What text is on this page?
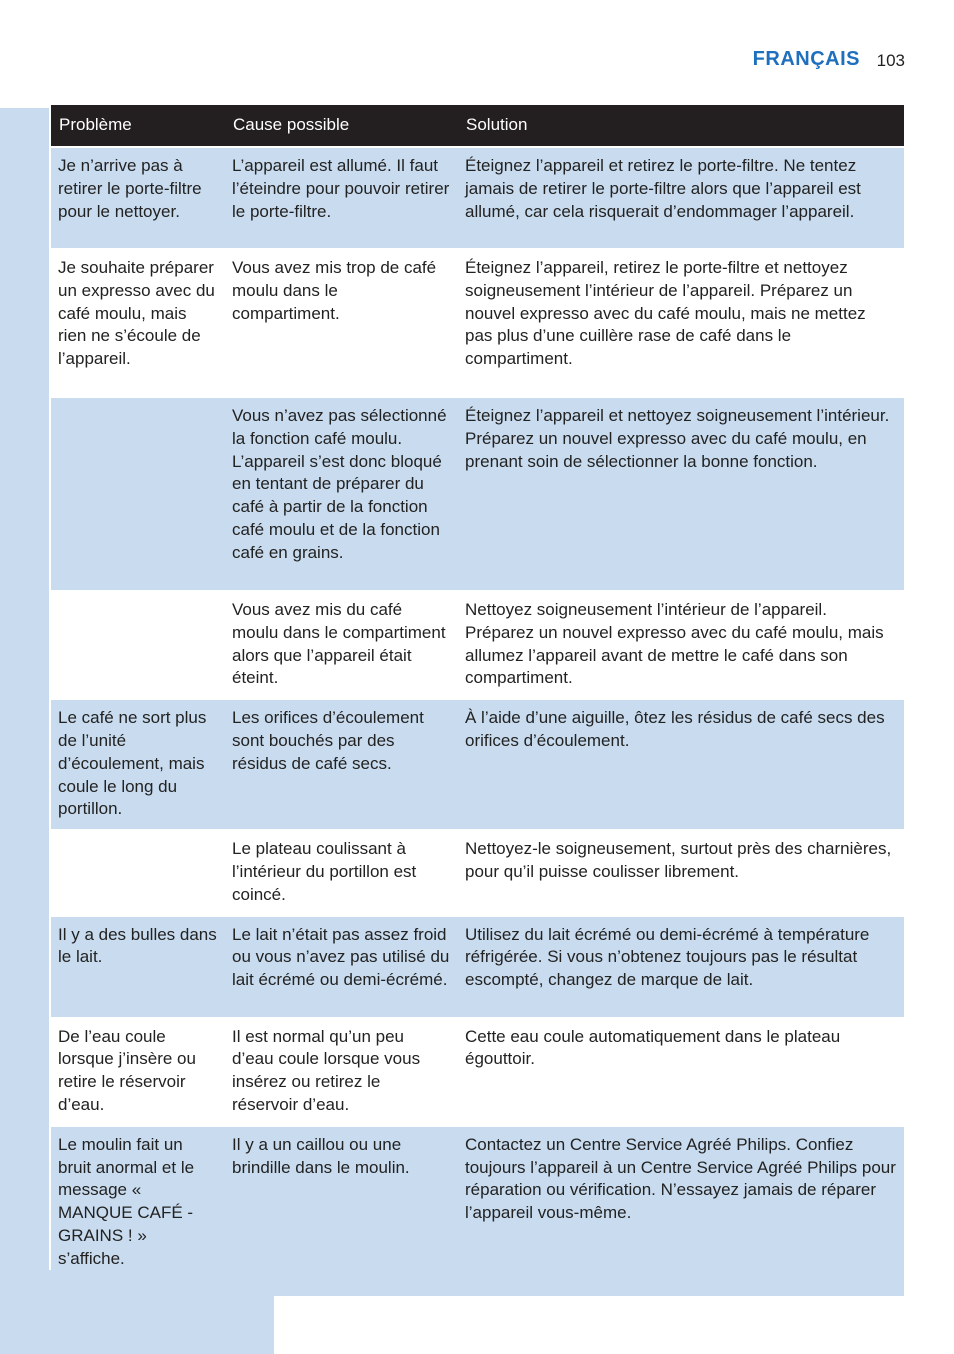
FRANÇAIS 103
Problème	Cause possible	Solution
Je n’arrive pas à retirer le porte-filtre pour le nettoyer.	L’appareil est allumé. Il faut l’éteindre pour pouvoir retirer le porte-filtre.	Éteignez l’appareil et retirez le porte-filtre. Ne tentez jamais de retirer le porte-filtre alors que l’appareil est allumé, car cela risquerait d’endommager l’appareil.
Je souhaite préparer un expresso avec du café moulu, mais rien ne s’écoule de l’appareil.	Vous avez mis trop de café moulu dans le compartiment.	Éteignez l’appareil, retirez le porte-filtre et nettoyez soigneusement l’intérieur de l’appareil. Préparez un nouvel expresso avec du café moulu, mais ne mettez pas plus d’une cuillère rase de café dans le compartiment.
	Vous n’avez pas sélectionné la fonction café moulu. L’appareil s’est donc bloqué en tentant de préparer du café à partir de la fonction café moulu et de la fonction café en grains.	Éteignez l’appareil et nettoyez soigneusement l’intérieur. Préparez un nouvel expresso avec du café moulu, en prenant soin de sélectionner la bonne fonction.
	Vous avez mis du café moulu dans le compartiment alors que l’appareil était éteint.	Nettoyez soigneusement l’intérieur de l’appareil. Préparez un nouvel expresso avec du café moulu, mais allumez l’appareil avant de mettre le café dans son compartiment.
Le café ne sort plus de l’unité d’écoulement, mais coule le long du portillon.	Les orifices d’écoulement sont bouchés par des résidus de café secs.	À l’aide d’une aiguille, ôtez les résidus de café secs des orifices d’écoulement.
	Le plateau coulissant à l’intérieur du portillon est coincé.	Nettoyez-le soigneusement, surtout près des charnières, pour qu’il puisse coulisser librement.
Il y a des bulles dans le lait.	Le lait n’était pas assez froid ou vous n’avez pas utilisé du lait écrémé ou demi-écrémé.	Utilisez du lait écrémé ou demi-écrémé à température réfrigérée. Si vous n’obtenez toujours pas le résultat escompté, changez de marque de lait.
De l’eau coule lorsque j’insère ou retire le réservoir d’eau.	Il est normal qu’un peu d’eau coule lorsque vous insérez ou retirez le réservoir d’eau.	Cette eau coule automatiquement dans le plateau égouttoir.
Le moulin fait un bruit anormal et le message « MANQUE CAFÉ - GRAINS ! » s’affiche.	Il y a un caillou ou une brindille dans le moulin.	Contactez un Centre Service Agréé Philips. Confiez toujours l’appareil à un Centre Service Agréé Philips pour réparation ou vérification. N’essayez jamais de réparer l’appareil vous-même.
